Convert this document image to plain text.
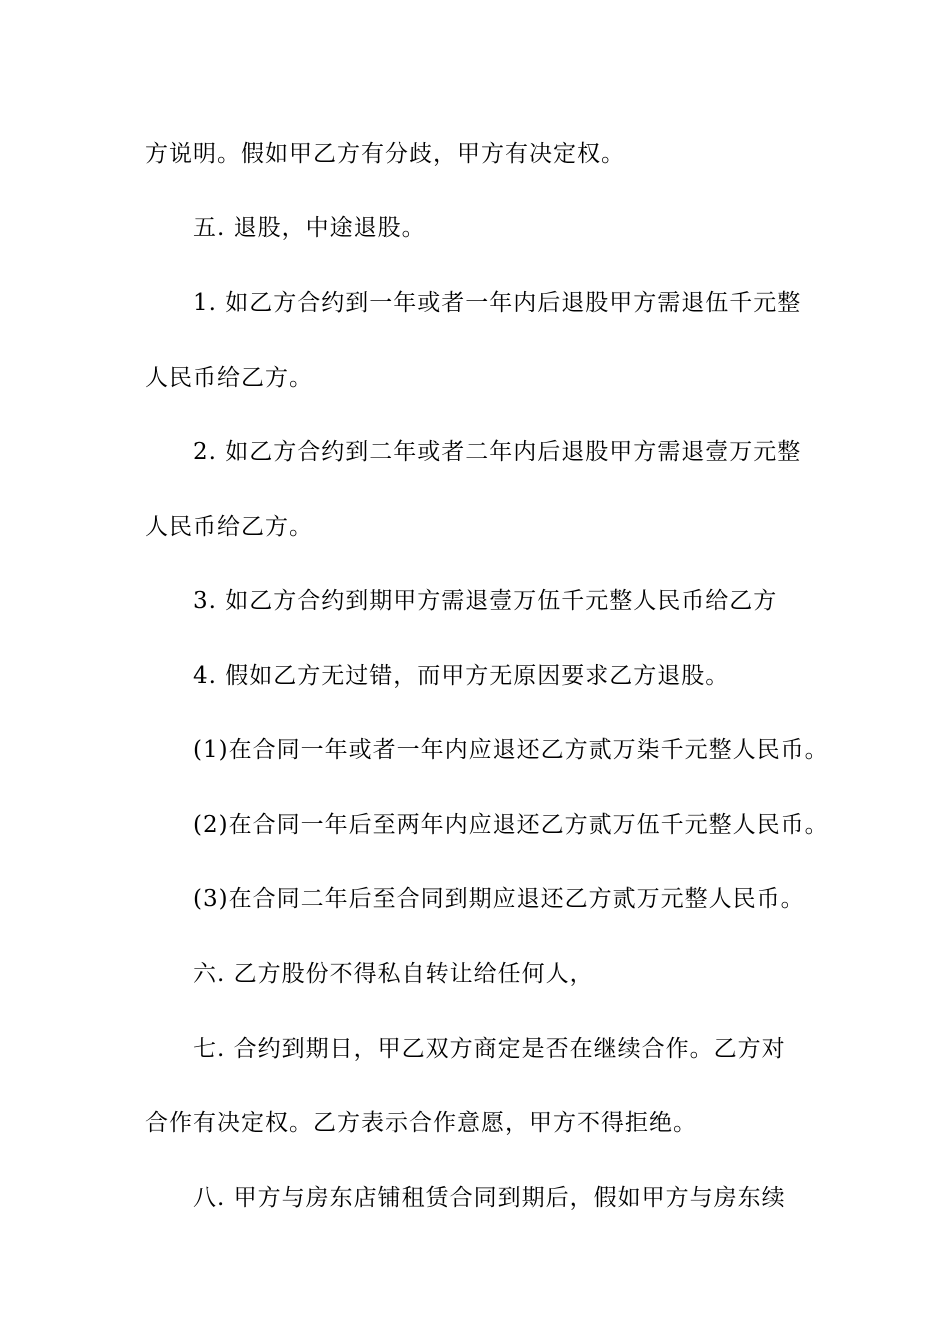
方说明。假如甲乙方有分歧，甲方有决定权。
五. 退股，中途退股。
1. 如乙方合约到一年或者一年内后退股甲方需退伍千元整
人民币给乙方。
2. 如乙方合约到二年或者二年内后退股甲方需退壹万元整
人民币给乙方。
3. 如乙方合约到期甲方需退壹万伍千元整人民币给乙方
4. 假如乙方无过错，而甲方无原因要求乙方退股。
(1)在合同一年或者一年内应退还乙方贰万柒千元整人民币。
(2)在合同一年后至两年内应退还乙方贰万伍千元整人民币。
(3)在合同二年后至合同到期应退还乙方贰万元整人民币。
六. 乙方股份不得私自转让给任何人，
七. 合约到期日，甲乙双方商定是否在继续合作。乙方对
合作有决定权。乙方表示合作意愿，甲方不得拒绝。
八. 甲方与房东店铺租赁合同到期后，假如甲方与房东续
